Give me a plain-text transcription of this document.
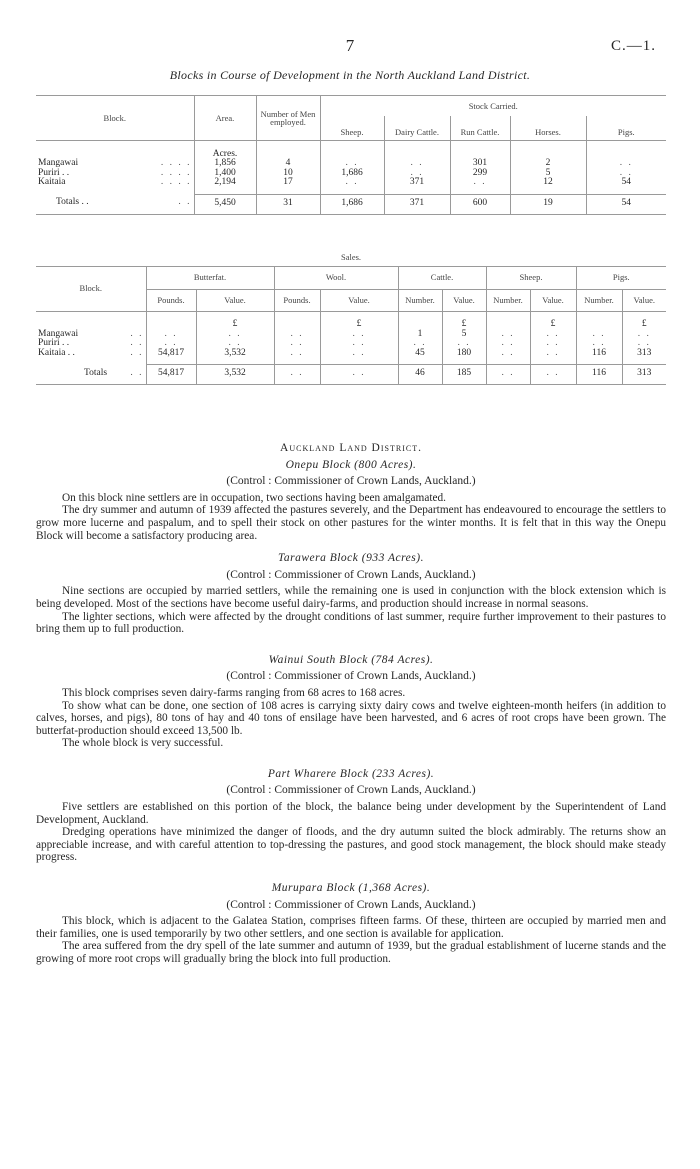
7	C.—1.
Blocks in Course of Development in the North Auckland Land District.
Block.	Area.	Number of Men employed.	Stock Carried.				
			Sheep.	Dairy Cattle.	Run Cattle.	Horses.	Pigs.
	Acres.						
Mangawai . . . .	1,856	4	. .	. .	301	2	. .
Puriri . . . . . .	1,400	10	1,686	. .	299	5	. .
Kaitaia . . . .	2,194	17	. .	371	. .	12	54

Totals . . . .	5,450	31	1,686	371	600	19	54
Sales.										
Block.	Butterfat.		Wool.		Cattle.		Sheep.		Pigs.	
	Pounds.	Value.	Pounds.	Value.	Number.	Value.	Number.	Value.	Number.	Value.
		£		£		£		£		£
Mangawai . .	. .	. .	. .	. .	1	5	. .	. .	. .	. .
Puriri . . . .	. .	. .	. .	. .	. .	. .	. .	. .	. .	. .
Kaitaia . . . .	54,817	3,532	. .	. .	45	180	. .	. .	116	313

Totals . .	54,817	3,532	. .	. .	46	185	. .	. .	116	313
Auckland Land District.
Onepu Block (800 Acres).
(Control : Commissioner of Crown Lands, Auckland.)

On this block nine settlers are in occupation, two sections having been amalgamated.

The dry summer and autumn of 1939 affected the pastures severely, and the Department has endeavoured to encourage the settlers to grow more lucerne and paspalum, and to spell their stock on other pastures for the winter months. It is felt that in this way the Onepu Block will become a satisfactory producing area.

Tarawera Block (933 Acres).
(Control : Commissioner of Crown Lands, Auckland.)

Nine sections are occupied by married settlers, while the remaining one is used in conjunction with the block extension which is being developed. Most of the sections have become useful dairy-farms, and production should increase in normal seasons.

The lighter sections, which were affected by the drought conditions of last summer, require further improvement to their pastures to bring them up to full production.

Wainui South Block (784 Acres).
(Control : Commissioner of Crown Lands, Auckland.)

This block comprises seven dairy-farms ranging from 68 acres to 168 acres.

To show what can be done, one section of 108 acres is carrying sixty dairy cows and twelve eighteen-month heifers (in addition to calves, horses, and pigs), 80 tons of hay and 40 tons of ensilage have been harvested, and 6 acres of root crops have been grown. The butterfat-production should exceed 13,500 lb.

The whole block is very successful.

Part Wharere Block (233 Acres).
(Control : Commissioner of Crown Lands, Auckland.)

Five settlers are established on this portion of the block, the balance being under development by the Superintendent of Land Development, Auckland.

Dredging operations have minimized the danger of floods, and the dry autumn suited the block admirably. The returns show an appreciable increase, and with careful attention to top-dressing the pastures, and good stock management, the block should make steady progress.

Murupara Block (1,368 Acres).
(Control : Commissioner of Crown Lands, Auckland.)

This block, which is adjacent to the Galatea Station, comprises fifteen farms. Of these, thirteen are occupied by married men and their families, one is used temporarily by two other settlers, and one section is available for application.

The area suffered from the dry spell of the late summer and autumn of 1939, but the gradual establishment of lucerne stands and the growing of more root crops will gradually bring the block into full production.
